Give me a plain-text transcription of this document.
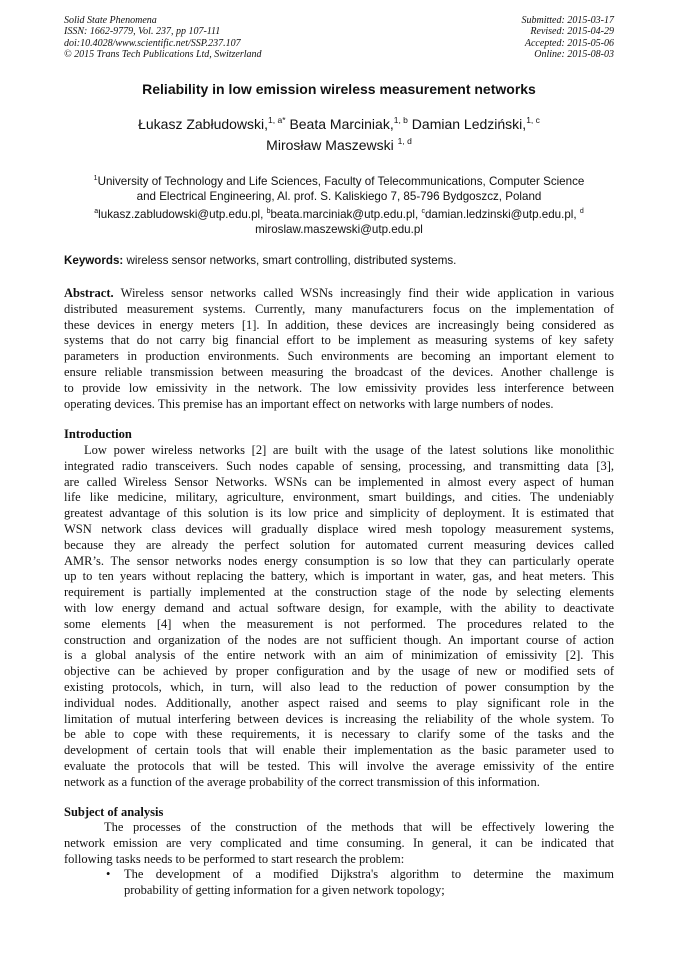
Solid State Phenomena
ISSN: 1662-9779, Vol. 237, pp 107-111
doi:10.4028/www.scientific.net/SSP.237.107
© 2015 Trans Tech Publications Ltd, Switzerland
Submitted: 2015-03-17
Revised: 2015-04-29
Accepted: 2015-05-06
Online: 2015-08-03
Reliability in low emission wireless measurement networks
Łukasz Zabłudowski,$^{1, a*}$ Beata Marciniak,$^{1, b}$ Damian Ledziński,$^{1, c}$
Mirosław Maszewski $^{1, d}$
$^1$University of Technology and Life Sciences, Faculty of Telecommunications, Computer Science
and Electrical Engineering, Al. prof. S. Kaliskiego 7, 85-796 Bydgoszcz, Poland
$^a$lukasz.zabludowski@utp.edu.pl, $^b$beata.marciniak@utp.edu.pl, $^c$damian.ledzinski@utp.edu.pl, $^d$
miroslaw.maszewski@utp.edu.pl
Keywords: wireless sensor networks, smart controlling, distributed systems.
Abstract. Wireless sensor networks called WSNs increasingly find their wide application in various
distributed measurement systems. Currently, many manufacturers focus on the implementation of
these devices in energy meters [1]. In addition, these devices are increasingly being considered as
systems that do not carry big financial effort to be implement as measuring systems of key safety
parameters in production environments. Such environments are becoming an important element to
ensure reliable transmission between measuring the broadcast of the devices. Another challenge is
to provide low emissivity in the network. The low emissivity provides less interference between
operating devices. This premise has an important effect on networks with large numbers of nodes.
Introduction
Low power wireless networks [2] are built with the usage of the latest solutions like monolithic
integrated radio transceivers. Such nodes capable of sensing, processing, and transmitting data [3],
are called Wireless Sensor Networks. WSNs can be implemented in almost every aspect of human
life like medicine, military, agriculture, environment, smart buildings, and cities. The undeniably
greatest advantage of this solution is its low price and simplicity of deployment. It is estimated that
WSN network class devices will gradually displace wired mesh topology measurement systems,
because they are already the perfect solution for automated current measuring devices called
AMR’s. The sensor networks nodes energy consumption is so low that they can particularly operate
up to ten years without replacing the battery, which is important in water, gas, and heat meters. This
requirement is partially implemented at the construction stage of the node by selecting elements
with low energy demand and actual software design, for example, with the ability to deactivate
some elements [4] when the measurement is not performed. The procedures related to the
construction and organization of the nodes are not sufficient though. An important course of action
is a global analysis of the entire network with an aim of minimization of emissivity [2]. This
objective can be achieved by proper configuration and by the usage of new or modified sets of
existing protocols, which, in turn, will also lead to the reduction of power consumption by the
individual nodes. Additionally, another aspect raised and seems to play significant role in the
limitation of mutual interfering between devices is increasing the reliability of the whole system. To
be able to cope with these requirements, it is necessary to clarify some of the tasks and the
development of certain tools that will enable their implementation as the basic parameter used to
evaluate the protocols that will be tested. This will involve the average emissivity of the entire
network as a function of the average probability of the correct transmission of this information.
Subject of analysis
The processes of the construction of the methods that will be effectively lowering the
network emission are very complicated and time consuming. In general, it can be indicated that
following tasks needs to be performed to start research the problem:
• The development of a modified Dijkstra's algorithm to determine the maximum
probability of getting information for a given network topology;
